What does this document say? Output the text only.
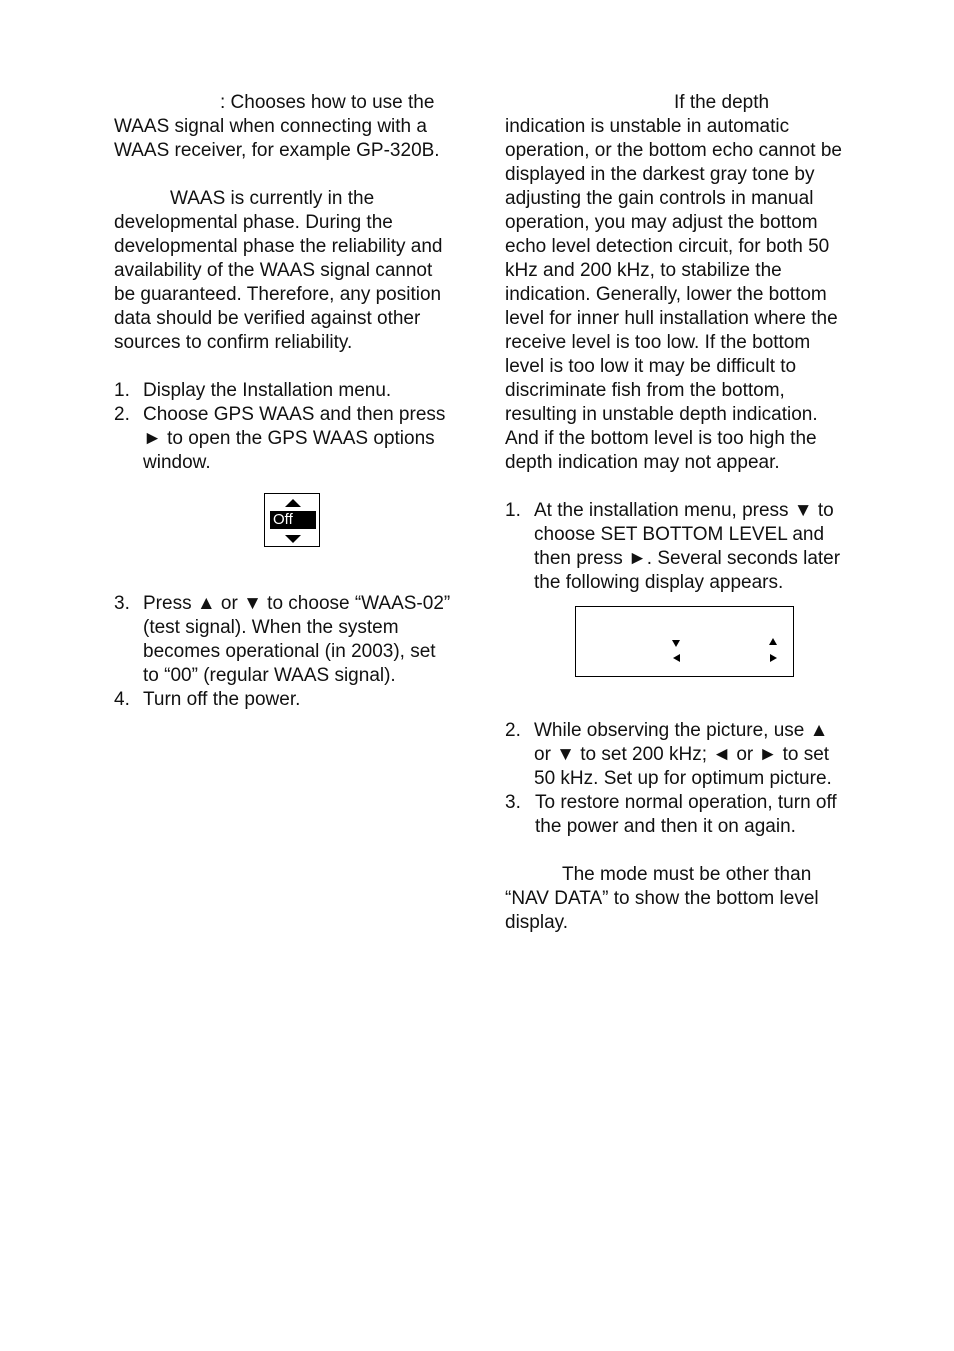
: Chooses how to use the
WAAS signal when connecting with a
WAAS receiver, for example GP-320B.

WAAS is currently in the
developmental phase. During the
developmental phase the reliability and
availability of the WAAS signal cannot
be guaranteed. Therefore, any position
data should be verified against other
sources to confirm reliability.

1. Display the Installation menu.
2. Choose GPS WAAS and then press
► to open the GPS WAAS options
window.
Off
3. Press ▲ or ▼ to choose “WAAS-02”
(test signal). When the system
becomes operational (in 2003), set
to “00” (regular WAAS signal).
4. Turn off the power.

If the depth
indication is unstable in automatic
operation, or the bottom echo cannot be
displayed in the darkest gray tone by
adjusting the gain controls in manual
operation, you may adjust the bottom
echo level detection circuit, for both 50
kHz and 200 kHz, to stabilize the
indication. Generally, lower the bottom
level for inner hull installation where the
receive level is too low. If the bottom
level is too low it may be difficult to
discriminate fish from the bottom,
resulting in unstable depth indication.
And if the bottom level is too high the
depth indication may not appear.

1. At the installation menu, press ▼ to
choose SET BOTTOM LEVEL and
then press ►. Several seconds later
the following display appears.
2. While observing the picture, use ▲
or ▼ to set 200 kHz; ◄ or ► to set
50 kHz. Set up for optimum picture.
3. To restore normal operation, turn off
the power and then it on again.

The mode must be other than
“NAV DATA” to show the bottom level
display.
